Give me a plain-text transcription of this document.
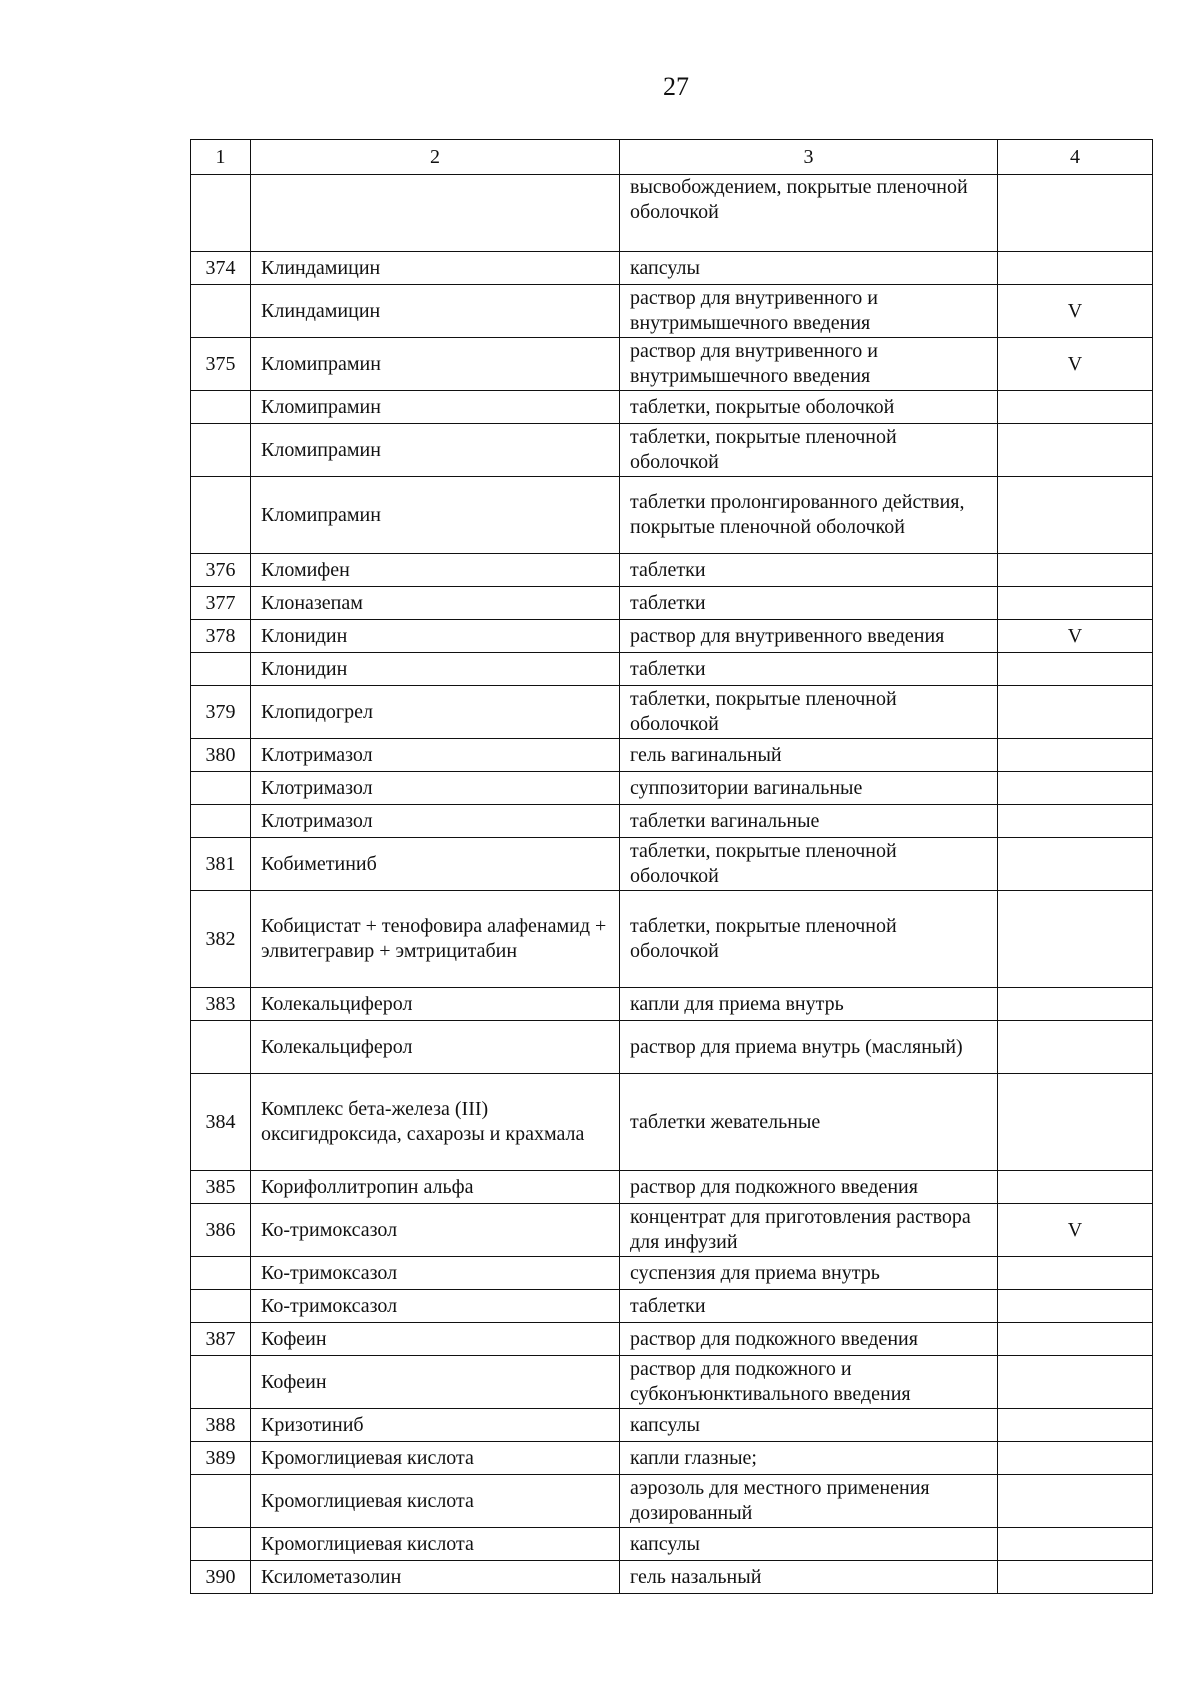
27
1	2	3	4
		высвобождением, покрытые пленочной оболочкой	
374	Клиндамицин	капсулы	
	Клиндамицин	раствор для внутривенного и внутримышечного введения	V
375	Кломипрамин	раствор для внутривенного и внутримышечного введения	V
	Кломипрамин	таблетки, покрытые оболочкой	
	Кломипрамин	таблетки, покрытые пленочной оболочкой	
	Кломипрамин	таблетки пролонгированного действия, покрытые пленочной оболочкой	
376	Кломифен	таблетки	
377	Клоназепам	таблетки	
378	Клонидин	раствор для внутривенного введения	V
	Клонидин	таблетки	
379	Клопидогрел	таблетки, покрытые пленочной оболочкой	
380	Клотримазол	гель вагинальный	
	Клотримазол	суппозитории вагинальные	
	Клотримазол	таблетки вагинальные	
381	Кобиметиниб	таблетки, покрытые пленочной оболочкой	
382	Кобицистат + тенофовира алафенамид + элвитегравир + эмтрицитабин	таблетки, покрытые пленочной оболочкой	
383	Колекальциферол	капли для приема внутрь	
	Колекальциферол	раствор для приема внутрь (масляный)	
384	Комплекс бета-железа (III) оксигидроксида, сахарозы и крахмала	таблетки жевательные	
385	Корифоллитропин альфа	раствор для подкожного введения	
386	Ко-тримоксазол	концентрат для приготовления раствора для инфузий	V
	Ко-тримоксазол	суспензия для приема внутрь	
	Ко-тримоксазол	таблетки	
387	Кофеин	раствор для подкожного введения	
	Кофеин	раствор для подкожного и субконъюнктивального введения	
388	Кризотиниб	капсулы	
389	Кромоглициевая кислота	капли глазные;	
	Кромоглициевая кислота	аэрозоль для местного применения дозированный	
	Кромоглициевая кислота	капсулы	
390	Ксилометазолин	гель назальный	
